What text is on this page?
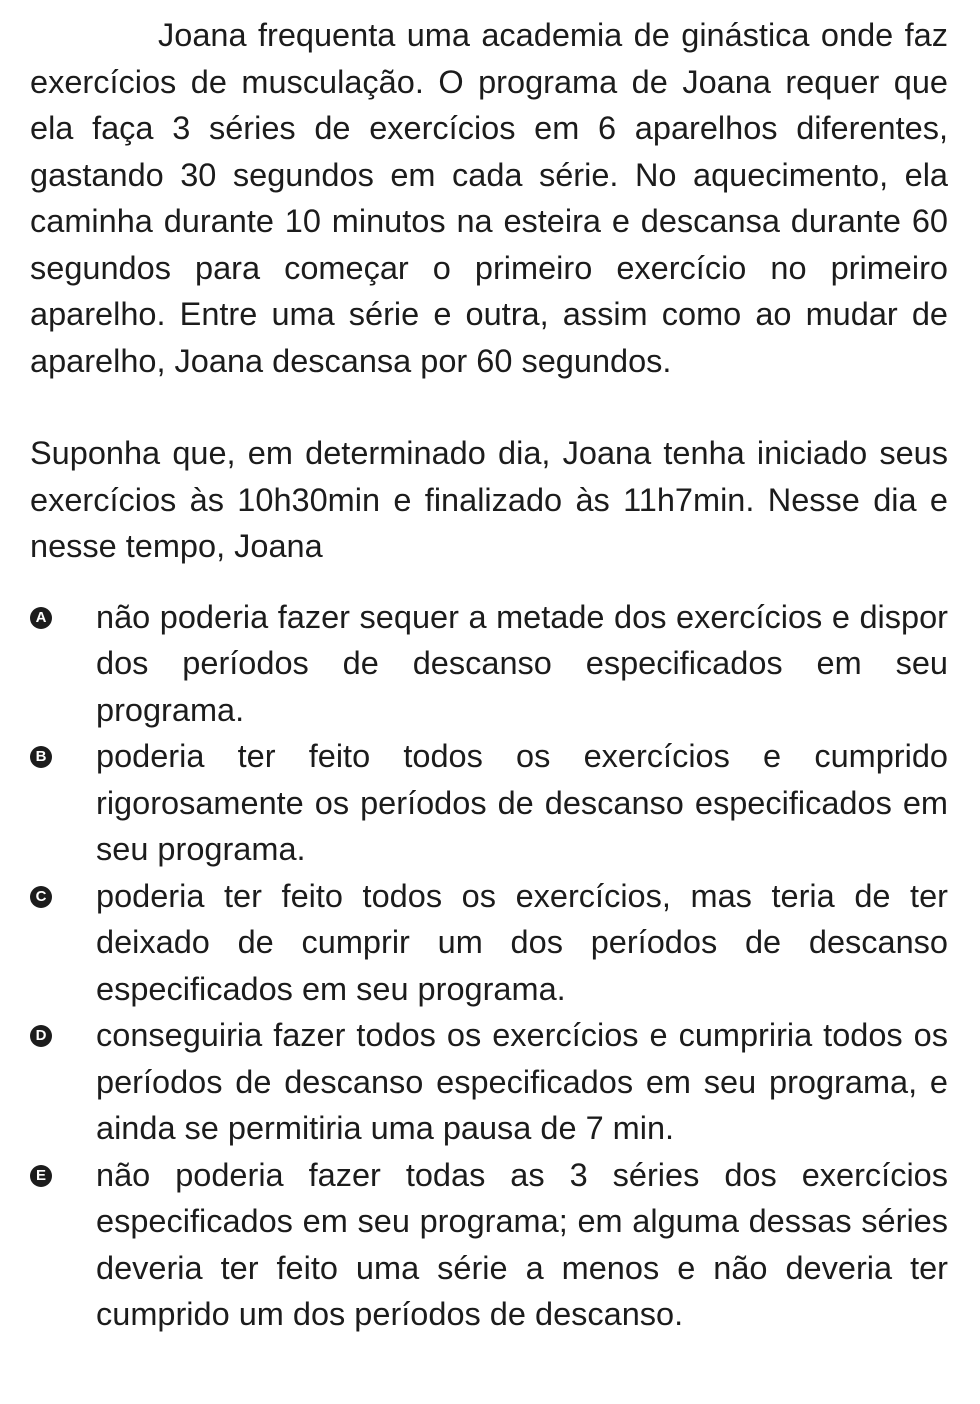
Joana frequenta uma academia de ginástica onde faz exercícios de musculação. O programa de Joana requer que ela faça 3 séries de exercícios em 6 aparelhos diferentes, gastando 30 segundos em cada série. No aquecimento, ela caminha durante 10 minutos na esteira e descansa durante 60 segundos para começar o primeiro exercício no primeiro aparelho. Entre uma série e outra, assim como ao mudar de aparelho, Joana descansa por 60 segundos.

Suponha que, em determinado dia, Joana tenha iniciado seus exercícios às 10h30min e finalizado às 11h7min. Nesse dia e nesse tempo, Joana

A não poderia fazer sequer a metade dos exercícios e dispor dos períodos de descanso especificados em seu programa.

B poderia ter feito todos os exercícios e cumprido rigorosamente os períodos de descanso especificados em seu programa.

C poderia ter feito todos os exercícios, mas teria de ter deixado de cumprir um dos períodos de descanso especificados em seu programa.

D conseguiria fazer todos os exercícios e cumpriria todos os períodos de descanso especificados em seu programa, e ainda se permitiria uma pausa de 7 min.

E não poderia fazer todas as 3 séries dos exercícios especificados em seu programa; em alguma dessas séries deveria ter feito uma série a menos e não deveria ter cumprido um dos períodos de descanso.
